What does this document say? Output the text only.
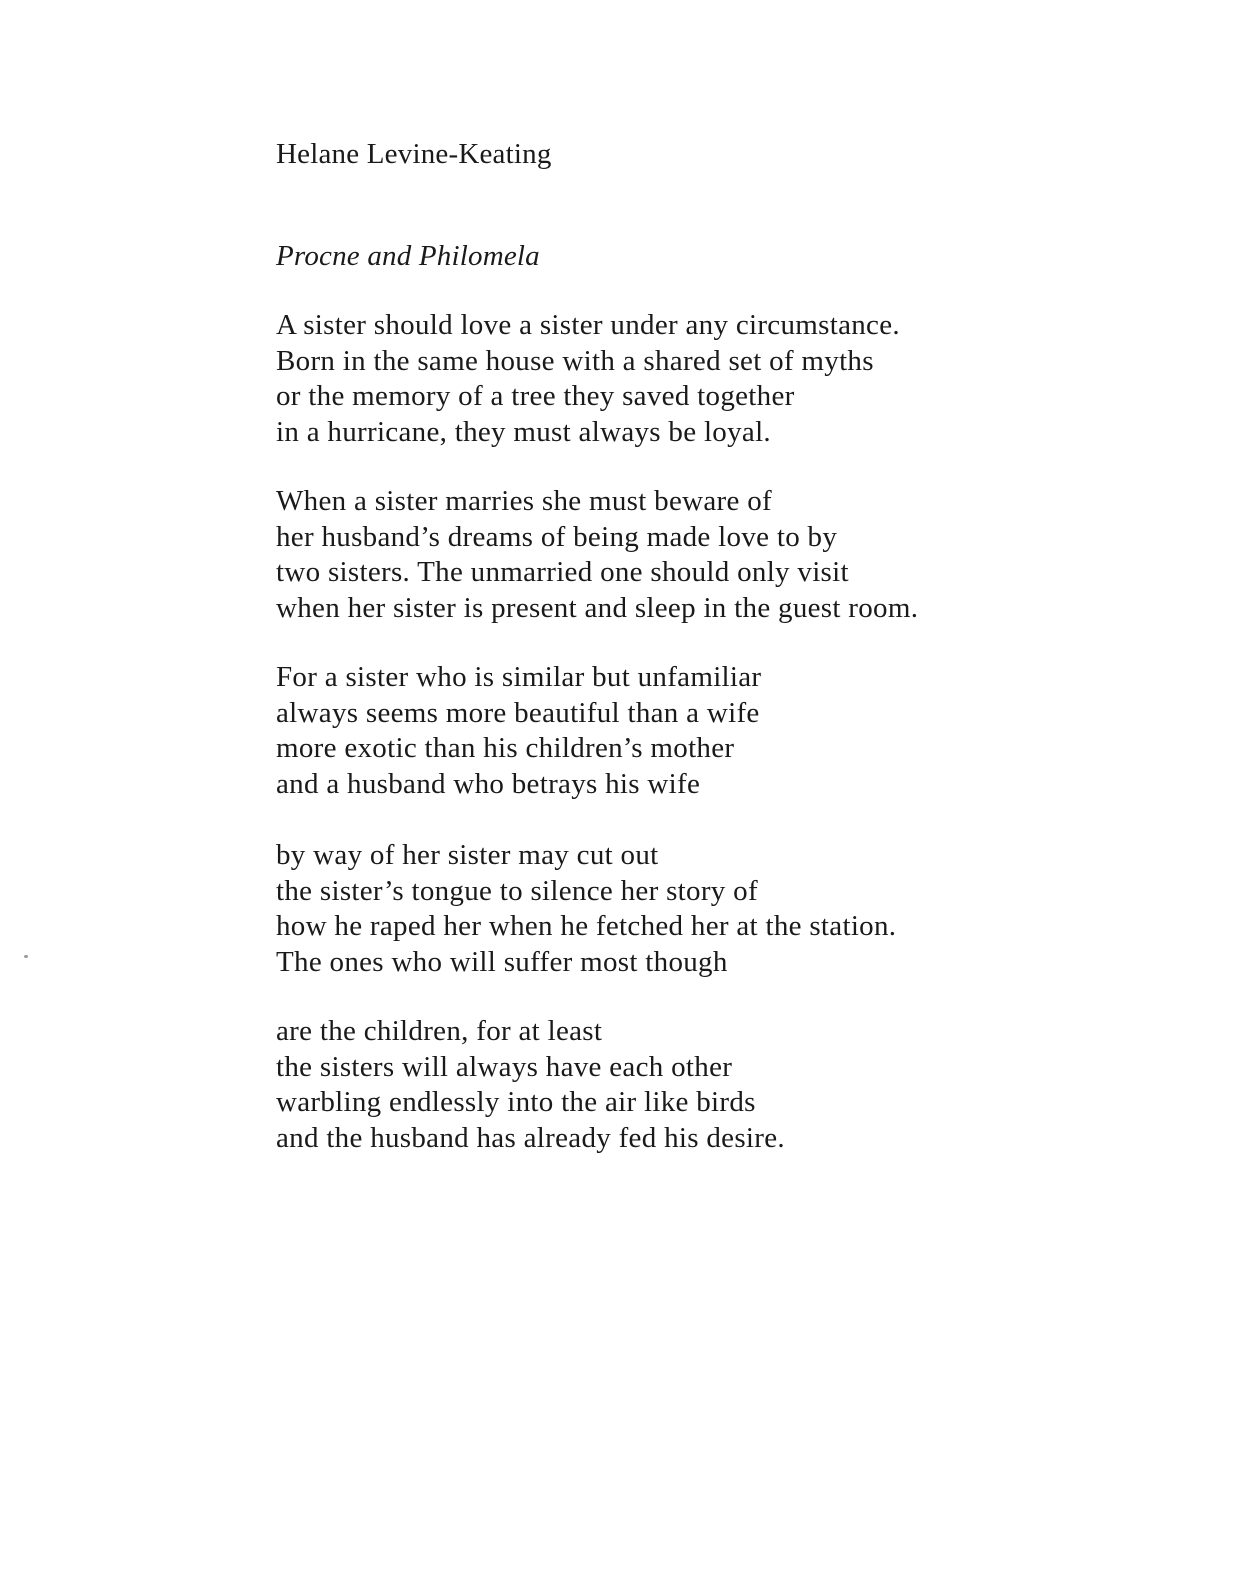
Helane Levine-Keating
Procne and Philomela
A sister should love a sister under any circumstance.
Born in the same house with a shared set of myths
or the memory of a tree they saved together
in a hurricane, they must always be loyal.
When a sister marries she must beware of
her husband’s dreams of being made love to by
two sisters. The unmarried one should only visit
when her sister is present and sleep in the guest room.
For a sister who is similar but unfamiliar
always seems more beautiful than a wife
more exotic than his children’s mother
and a husband who betrays his wife
by way of her sister may cut out
the sister’s tongue to silence her story of
how he raped her when he fetched her at the station.
The ones who will suffer most though
are the children, for at least
the sisters will always have each other
warbling endlessly into the air like birds
and the husband has already fed his desire.
